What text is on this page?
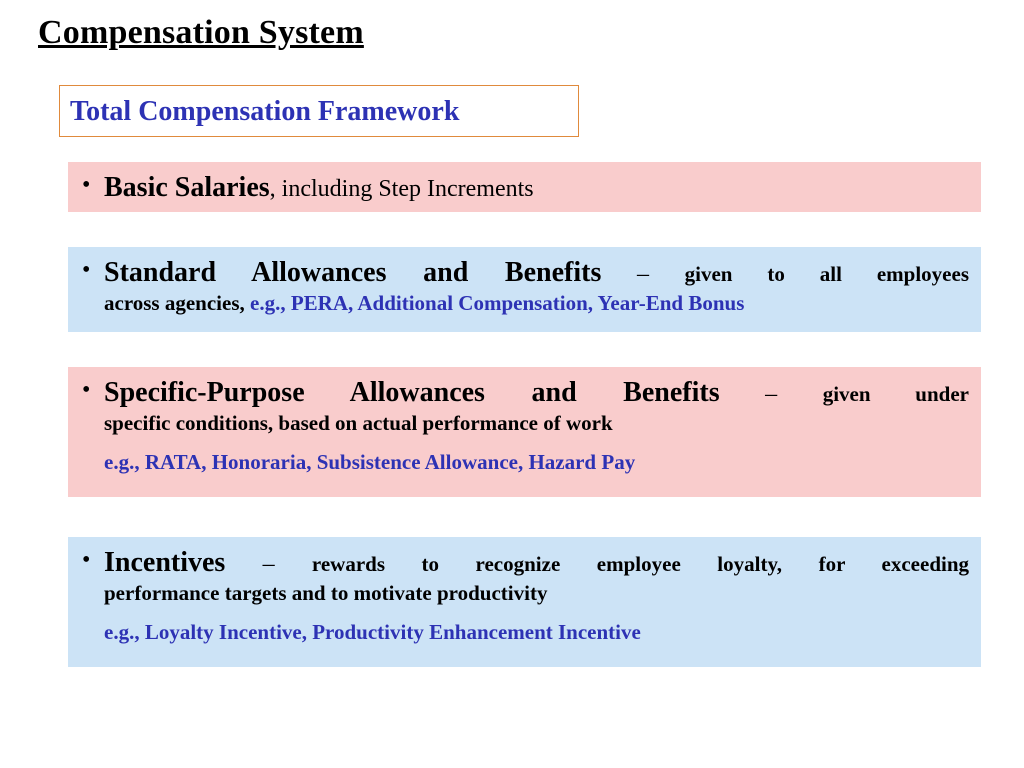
Compensation System
Total Compensation Framework
• Basic Salaries, including Step Increments
• Standard Allowances and Benefits – given to all employees
across agencies, e.g., PERA, Additional Compensation, Year-End Bonus
• Specific-Purpose Allowances and Benefits – given under
specific conditions, based on actual performance of work
e.g., RATA, Honoraria, Subsistence Allowance, Hazard Pay
• Incentives – rewards to recognize employee loyalty, for exceeding
performance targets and to motivate productivity
e.g., Loyalty Incentive, Productivity Enhancement Incentive
